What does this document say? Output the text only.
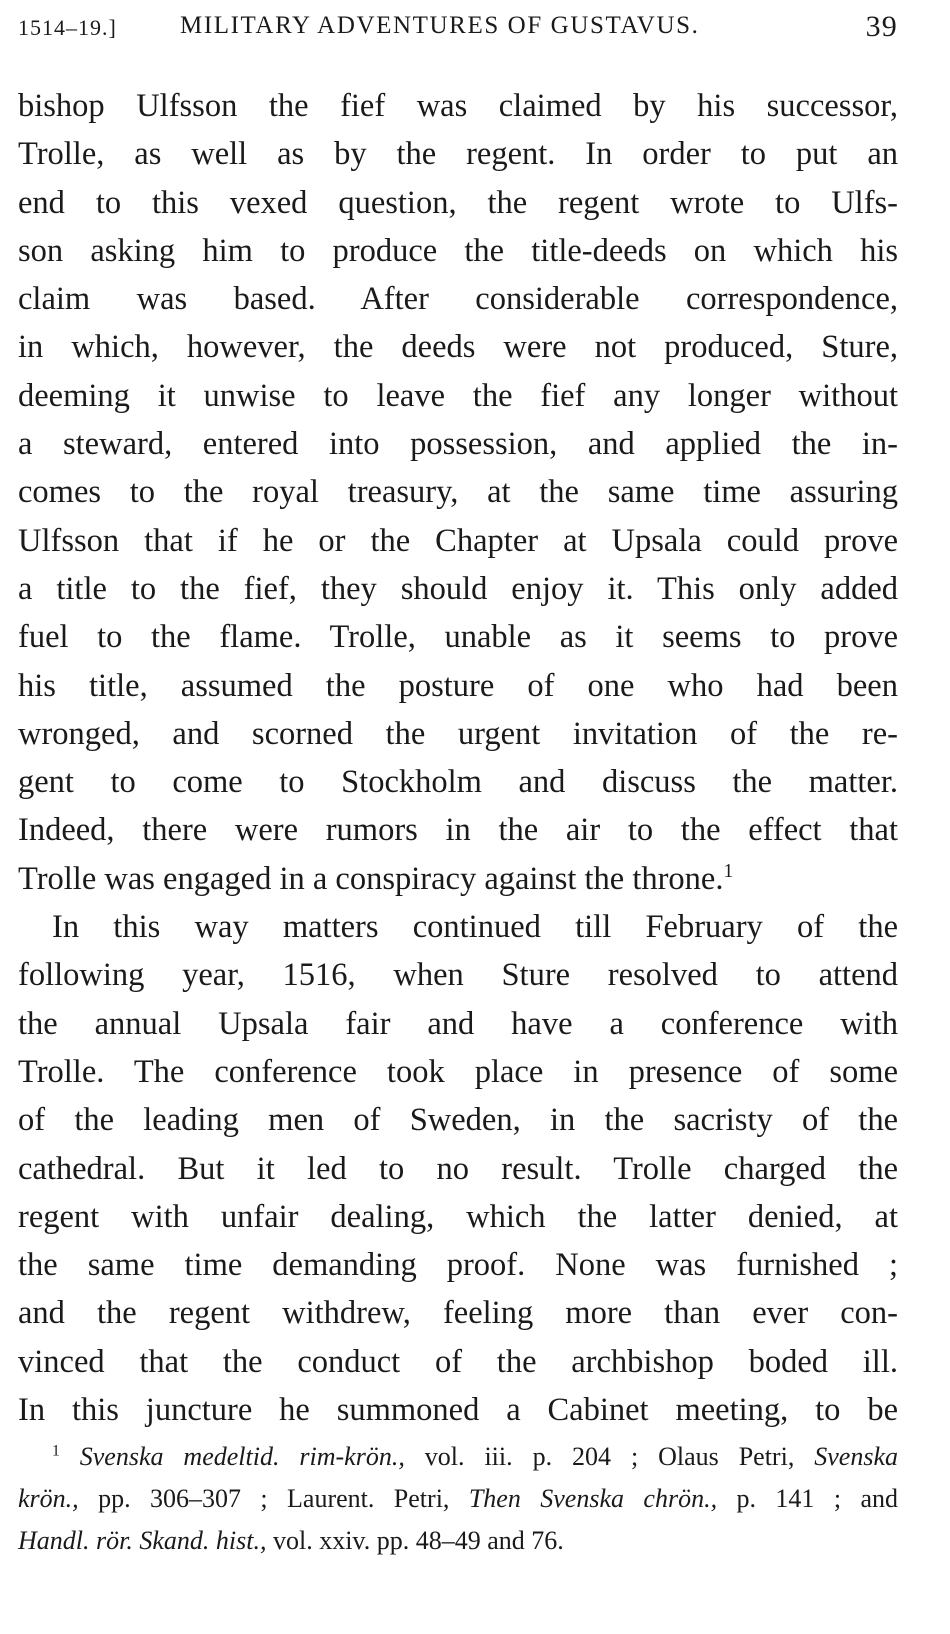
1514–19.]	MILITARY ADVENTURES OF GUSTAVUS.	39
bishop Ulfsson the fief was claimed by his successor,
Trolle, as well as by the regent. In order to put an
end to this vexed question, the regent wrote to Ulfs-
son asking him to produce the title-deeds on which his
claim was based. After considerable correspondence,
in which, however, the deeds were not produced, Sture,
deeming it unwise to leave the fief any longer without
a steward, entered into possession, and applied the in-
comes to the royal treasury, at the same time assuring
Ulfsson that if he or the Chapter at Upsala could prove
a title to the fief, they should enjoy it. This only added
fuel to the flame. Trolle, unable as it seems to prove
his title, assumed the posture of one who had been
wronged, and scorned the urgent invitation of the re-
gent to come to Stockholm and discuss the matter.
Indeed, there were rumors in the air to the effect that
Trolle was engaged in a conspiracy against the throne.$^1$
In this way matters continued till February of the
following year, 1516, when Sture resolved to attend
the annual Upsala fair and have a conference with
Trolle. The conference took place in presence of some
of the leading men of Sweden, in the sacristy of the
cathedral. But it led to no result. Trolle charged the
regent with unfair dealing, which the latter denied, at
the same time demanding proof. None was furnished ;
and the regent withdrew, feeling more than ever con-
vinced that the conduct of the archbishop boded ill.
In this juncture he summoned a Cabinet meeting, to be
$^1$ Svenska medeltid. rim-krön., vol. iii. p. 204 ; Olaus Petri, Svenska
krön., pp. 306–307 ; Laurent. Petri, Then Svenska chrön., p. 141 ; and
Handl. rör. Skand. hist., vol. xxiv. pp. 48–49 and 76.
